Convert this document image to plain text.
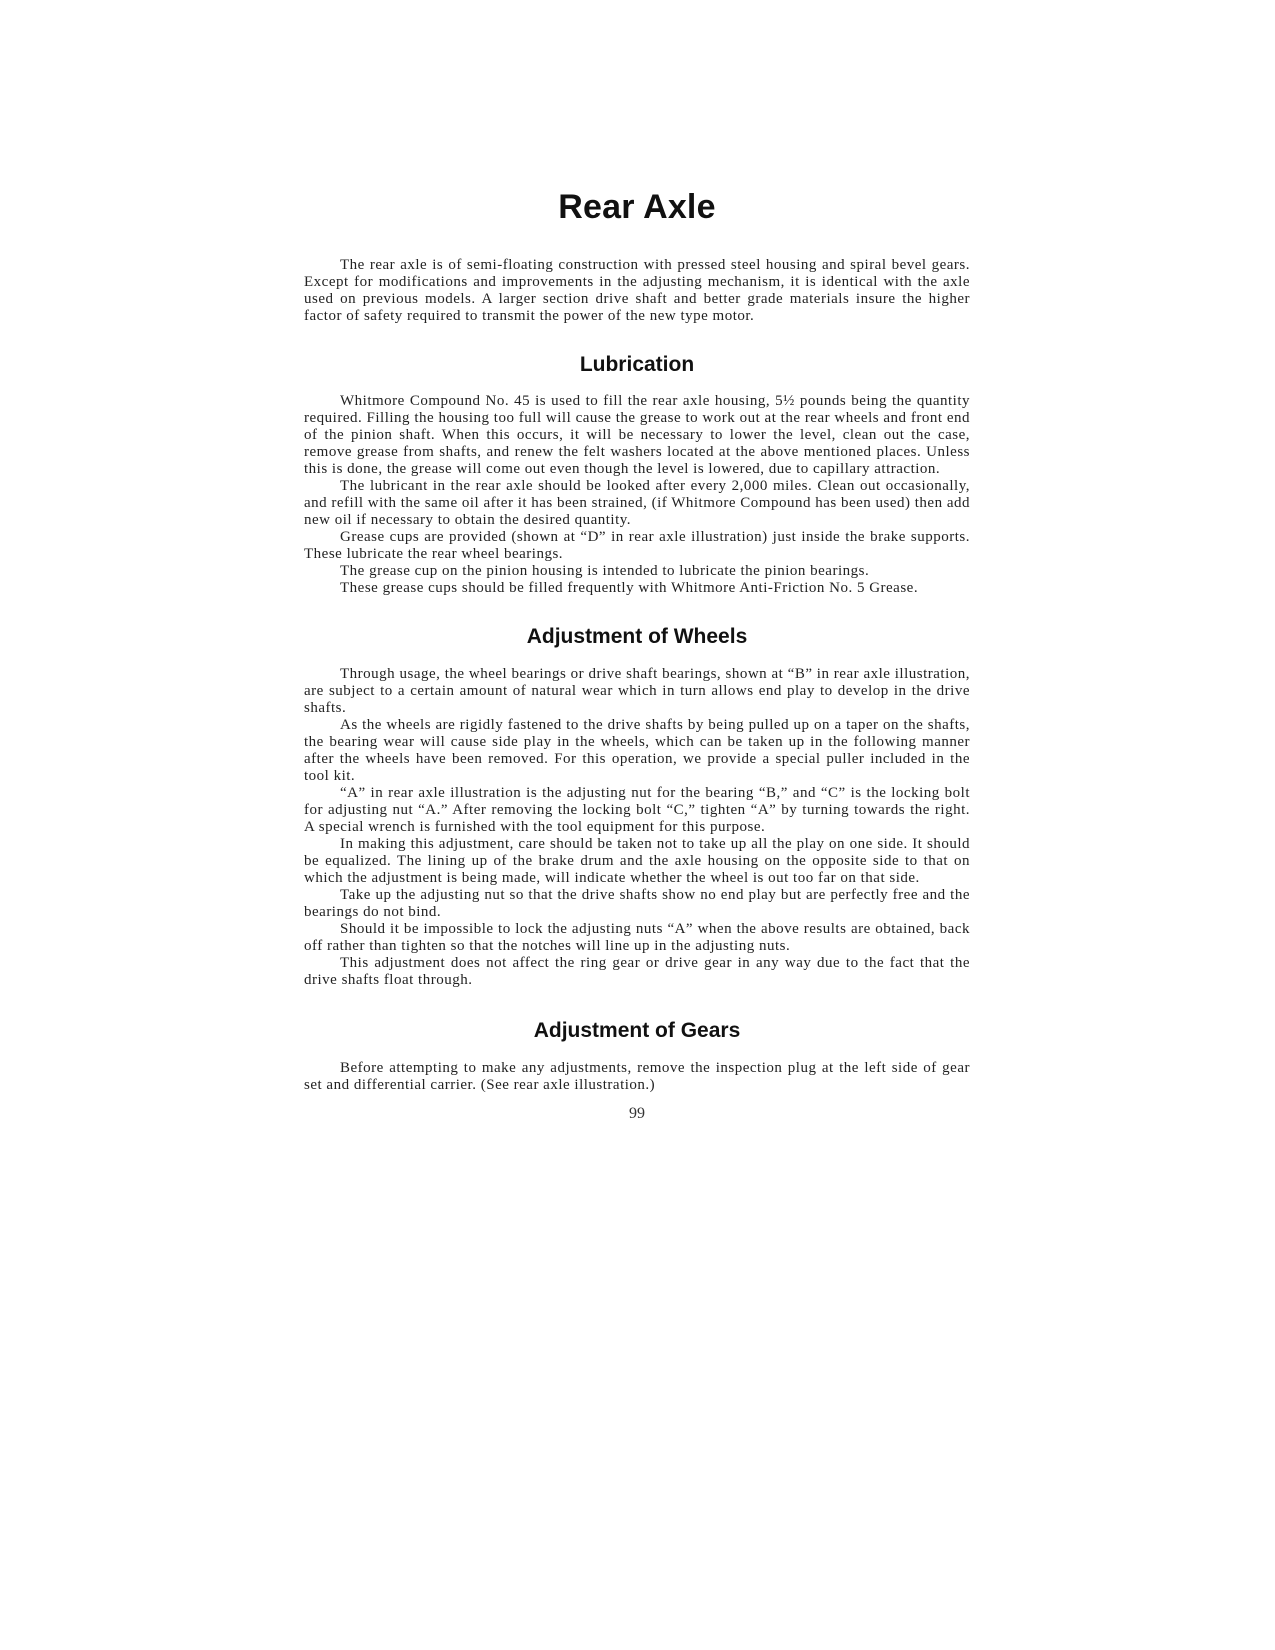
Rear Axle

The rear axle is of semi-floating construction with pressed steel housing and spiral bevel gears. Except for modifications and improvements in the adjusting mechanism, it is identical with the axle used on previous models. A larger section drive shaft and better grade materials insure the higher factor of safety required to transmit the power of the new type motor.

Lubrication

Whitmore Compound No. 45 is used to fill the rear axle housing, 5½ pounds being the quantity required. Filling the housing too full will cause the grease to work out at the rear wheels and front end of the pinion shaft. When this occurs, it will be necessary to lower the level, clean out the case, remove grease from shafts, and renew the felt washers located at the above mentioned places. Unless this is done, the grease will come out even though the level is lowered, due to capillary attraction.

The lubricant in the rear axle should be looked after every 2,000 miles. Clean out occasionally, and refill with the same oil after it has been strained, (if Whitmore Compound has been used) then add new oil if necessary to obtain the desired quantity.

Grease cups are provided (shown at “D” in rear axle illustration) just inside the brake supports. These lubricate the rear wheel bearings.

The grease cup on the pinion housing is intended to lubricate the pinion bearings.

These grease cups should be filled frequently with Whitmore Anti-Friction No. 5 Grease.

Adjustment of Wheels

Through usage, the wheel bearings or drive shaft bearings, shown at “B” in rear axle illustration, are subject to a certain amount of natural wear which in turn allows end play to develop in the drive shafts.

As the wheels are rigidly fastened to the drive shafts by being pulled up on a taper on the shafts, the bearing wear will cause side play in the wheels, which can be taken up in the following manner after the wheels have been removed. For this operation, we provide a special puller included in the tool kit.

“A” in rear axle illustration is the adjusting nut for the bearing “B,” and “C” is the locking bolt for adjusting nut “A.” After removing the locking bolt “C,” tighten “A” by turning towards the right. A special wrench is furnished with the tool equipment for this purpose.

In making this adjustment, care should be taken not to take up all the play on one side. It should be equalized. The lining up of the brake drum and the axle housing on the opposite side to that on which the adjustment is being made, will indicate whether the wheel is out too far on that side.

Take up the adjusting nut so that the drive shafts show no end play but are perfectly free and the bearings do not bind.

Should it be impossible to lock the adjusting nuts “A” when the above results are obtained, back off rather than tighten so that the notches will line up in the adjusting nuts.

This adjustment does not affect the ring gear or drive gear in any way due to the fact that the drive shafts float through.

Adjustment of Gears

Before attempting to make any adjustments, remove the inspection plug at the left side of gear set and differential carrier. (See rear axle illustration.)

99
